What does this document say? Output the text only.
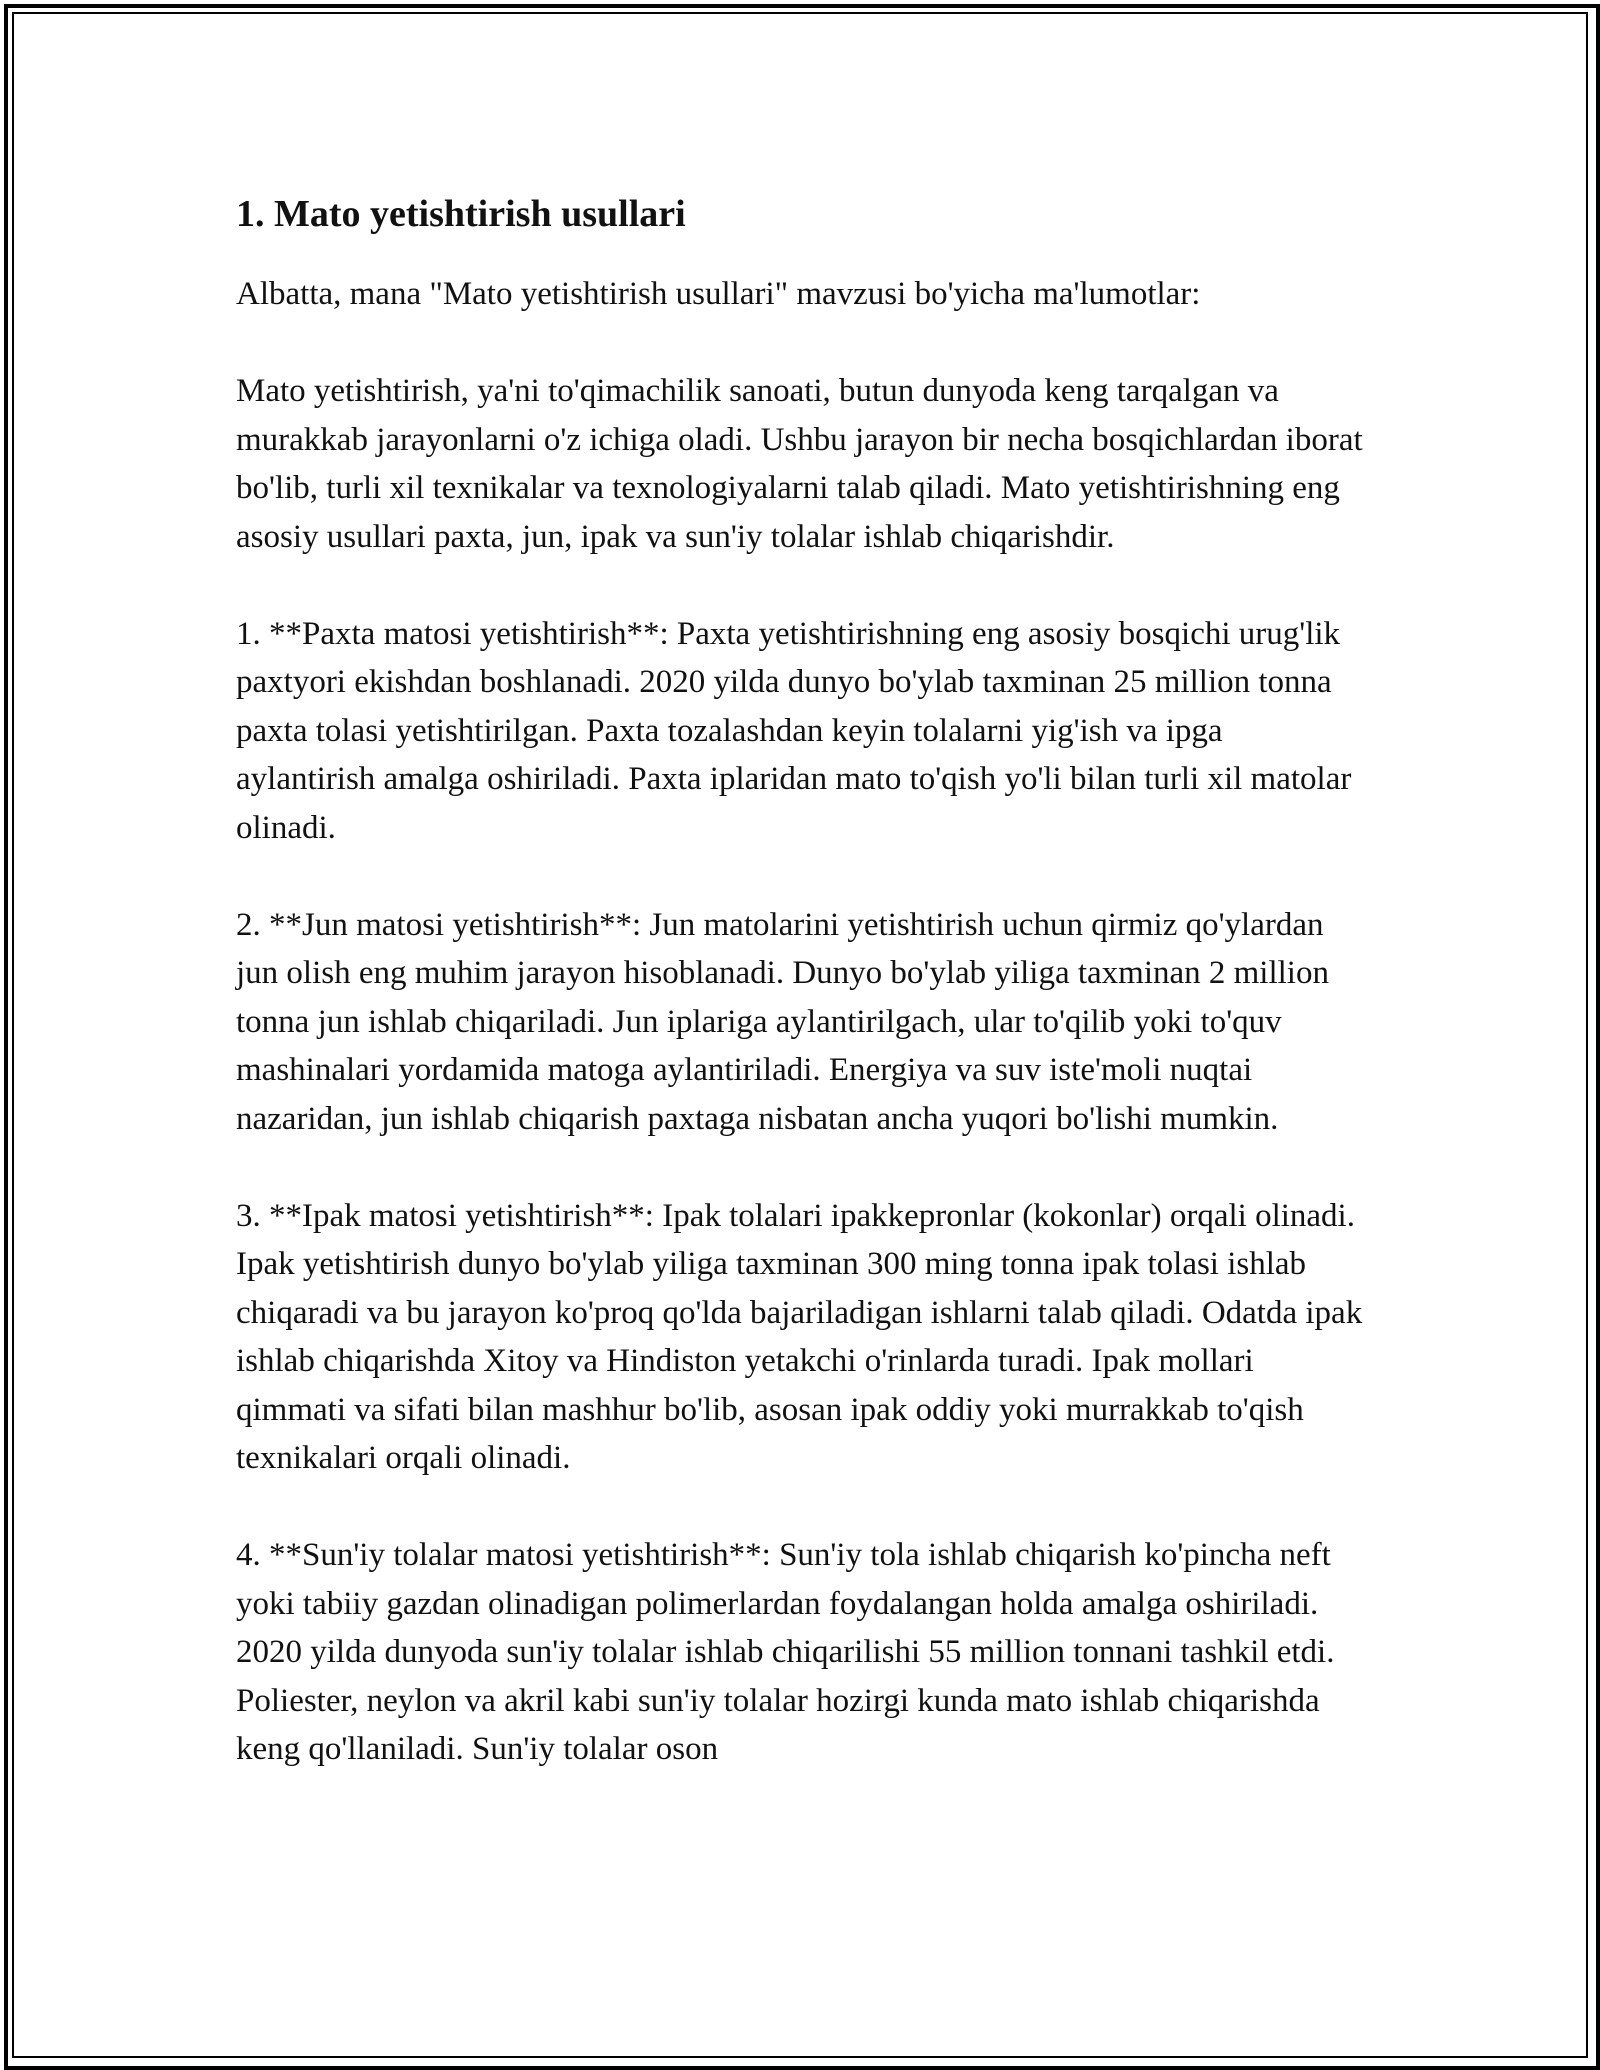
1. Mato yetishtirish usullari

Albatta, mana "Mato yetishtirish usullari" mavzusi bo'yicha ma'lumotlar:

Mato yetishtirish, ya'ni to'qimachilik sanoati, butun dunyoda keng tarqalgan va murakkab jarayonlarni o'z ichiga oladi. Ushbu jarayon bir necha bosqichlardan iborat bo'lib, turli xil texnikalar va texnologiyalarni talab qiladi. Mato yetishtirishning eng asosiy usullari paxta, jun, ipak va sun'iy tolalar ishlab chiqarishdir.

1. **Paxta matosi yetishtirish**: Paxta yetishtirishning eng asosiy bosqichi urug'lik paxtyori ekishdan boshlanadi. 2020 yilda dunyo bo'ylab taxminan 25 million tonna paxta tolasi yetishtirilgan. Paxta tozalashdan keyin tolalarni yig'ish va ipga aylantirish amalga oshiriladi. Paxta iplaridan mato to'qish yo'li bilan turli xil matolar olinadi.

2. **Jun matosi yetishtirish**: Jun matolarini yetishtirish uchun qirmiz qo'ylardan jun olish eng muhim jarayon hisoblanadi. Dunyo bo'ylab yiliga taxminan 2 million tonna jun ishlab chiqariladi. Jun iplariga aylantirilgach, ular to'qilib yoki to'quv mashinalari yordamida matoga aylantiriladi. Energiya va suv iste'moli nuqtai nazaridan, jun ishlab chiqarish paxtaga nisbatan ancha yuqori bo'lishi mumkin.

3. **Ipak matosi yetishtirish**: Ipak tolalari ipakkepronlar (kokonlar) orqali olinadi. Ipak yetishtirish dunyo bo'ylab yiliga taxminan 300 ming tonna ipak tolasi ishlab chiqaradi va bu jarayon ko'proq qo'lda bajariladigan ishlarni talab qiladi. Odatda ipak ishlab chiqarishda Xitoy va Hindiston yetakchi o'rinlarda turadi. Ipak mollari qimmati va sifati bilan mashhur bo'lib, asosan ipak oddiy yoki murrakkab to'qish texnikalari orqali olinadi.

4. **Sun'iy tolalar matosi yetishtirish**: Sun'iy tola ishlab chiqarish ko'pincha neft yoki tabiiy gazdan olinadigan polimerlardan foydalangan holda amalga oshiriladi. 2020 yilda dunyoda sun'iy tolalar ishlab chiqarilishi 55 million tonnani tashkil etdi. Poliester, neylon va akril kabi sun'iy tolalar hozirgi kunda mato ishlab chiqarishda keng qo'llaniladi. Sun'iy tolalar oson
